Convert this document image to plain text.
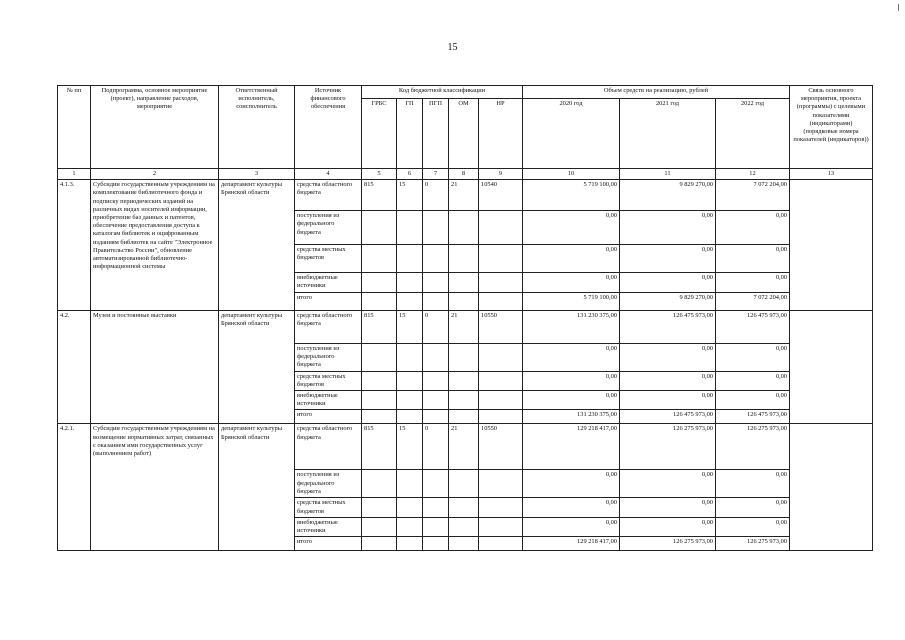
15
№ пп	Подпрограмма, основное мероприятие (проект), направление расходов, мероприятие	Ответственный исполнитель, соисполнитель	Источник финансового обеспечения	Код бюджетной классификации					Объем средств на реализацию, рублей			Связь основного мероприятия, проекта (программы) с целевыми показателями (индикаторами) (порядковые номера показателей (индикаторов))
				ГРБС	ГП	ПГП	ОМ	НР	2020 год	2021 год	2022 год	
1	2	3	4	5	6	7	8	9	10	11	12	13
4.1.3.	Субсидии государственным учреждениям на комплектование библиотечного фонда и подписку периодических изданий на различных видах носителей информации, приобретение баз данных и патентов, обеспечение предоставления доступа к каталогам библиотек и оцифрованным изданиям библиотек на сайте "Электронное Правительство России", обновление автоматизированной библиотечно-информационной системы	департамент культуры Брянской области	средства областного бюджета	815	15	0	21	10540	5 719 100,00	9 829 270,00	7 072 204,00	
			поступления из федерального бюджета						0,00	0,00	0,00	
			средства местных бюджетов						0,00	0,00	0,00	
			внебюджетные источники						0,00	0,00	0,00	
			итого						5 719 100,00	9 829 270,00	7 072 204,00	
4.2.	Музеи и постоянные выставки	департамент культуры Брянской области	средства областного бюджета	815	15	0	21	10550	131 230 375,00	126 475 973,00	126 475 973,00	
			поступления из федерального бюджета						0,00	0,00	0,00	
			средства местных бюджетов						0,00	0,00	0,00	
			внебюджетные источники						0,00	0,00	0,00	
			итого						131 230 375,00	126 475 973,00	126 475 973,00	
4.2.1.	Субсидии государственным учреждениям на возмещение нормативных затрат, связанных с оказанием ими государственных услуг (выполнением работ)	департамент культуры Брянской области	средства областного бюджета	815	15	0	21	10550	129 218 417,00	126 275 973,00	126 275 973,00	
			поступления из федерального бюджета						0,00	0,00	0,00	
			средства местных бюджетов						0,00	0,00	0,00	
			внебюджетные источники						0,00	0,00	0,00	
			итого						129 218 417,00	126 275 973,00	126 275 973,00	
